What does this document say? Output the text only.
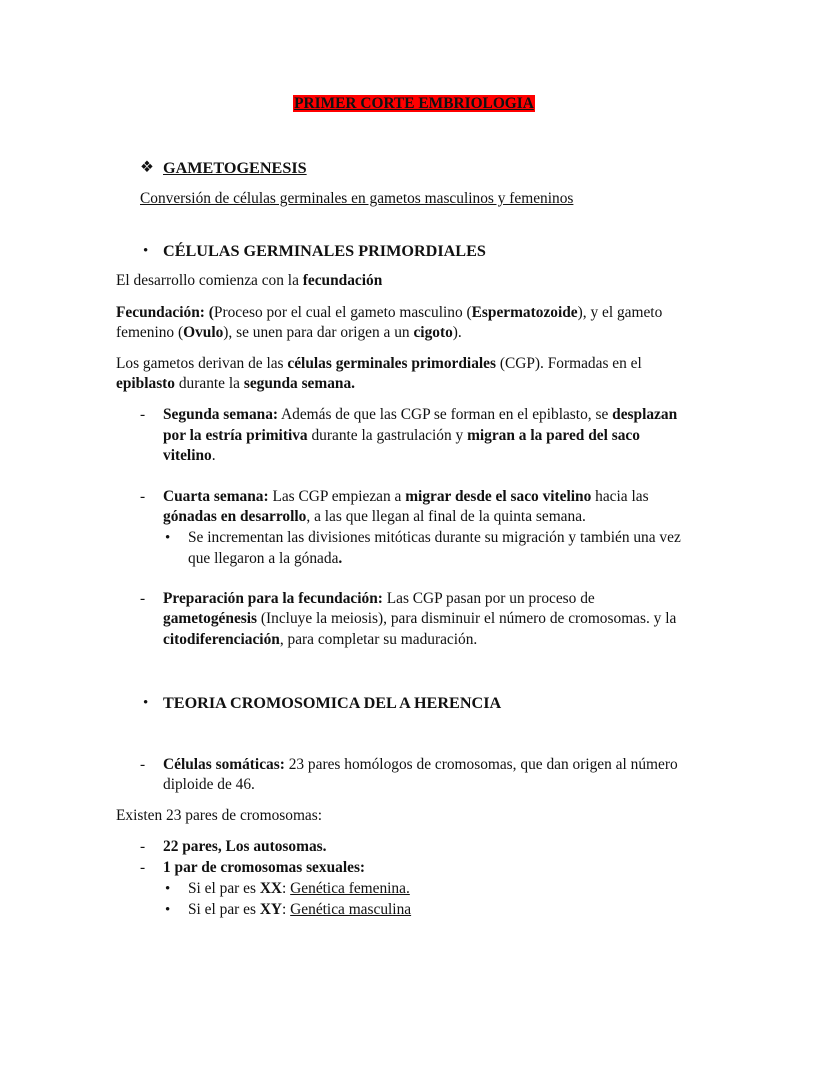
PRIMER CORTE EMBRIOLOGIA
❖ GAMETOGENESIS
Conversión de células germinales en gametos masculinos y femeninos
• CÉLULAS GERMINALES PRIMORDIALES
El desarrollo comienza con la fecundación
Fecundación: (Proceso por el cual el gameto masculino (Espermatozoide), y el gameto
femenino (Ovulo), se unen para dar origen a un cigoto).
Los gametos derivan de las células germinales primordiales (CGP). Formadas en el
epiblasto durante la segunda semana.
- Segunda semana: Además de que las CGP se forman en el epiblasto, se desplazan
por la estría primitiva durante la gastrulación y migran a la pared del saco
vitelino.
- Cuarta semana: Las CGP empiezan a migrar desde el saco vitelino hacia las
gónadas en desarrollo, a las que llegan al final de la quinta semana.
• Se incrementan las divisiones mitóticas durante su migración y también una vez
que llegaron a la gónada.
- Preparación para la fecundación: Las CGP pasan por un proceso de
gametogénesis (Incluye la meiosis), para disminuir el número de cromosomas. y la
citodiferenciación, para completar su maduración.
• TEORIA CROMOSOMICA DEL A HERENCIA
- Células somáticas: 23 pares homólogos de cromosomas, que dan origen al número
diploide de 46.
Existen 23 pares de cromosomas:
- 22 pares, Los autosomas.
- 1 par de cromosomas sexuales:
• Si el par es XX: Genética femenina.
• Si el par es XY: Genética masculina
